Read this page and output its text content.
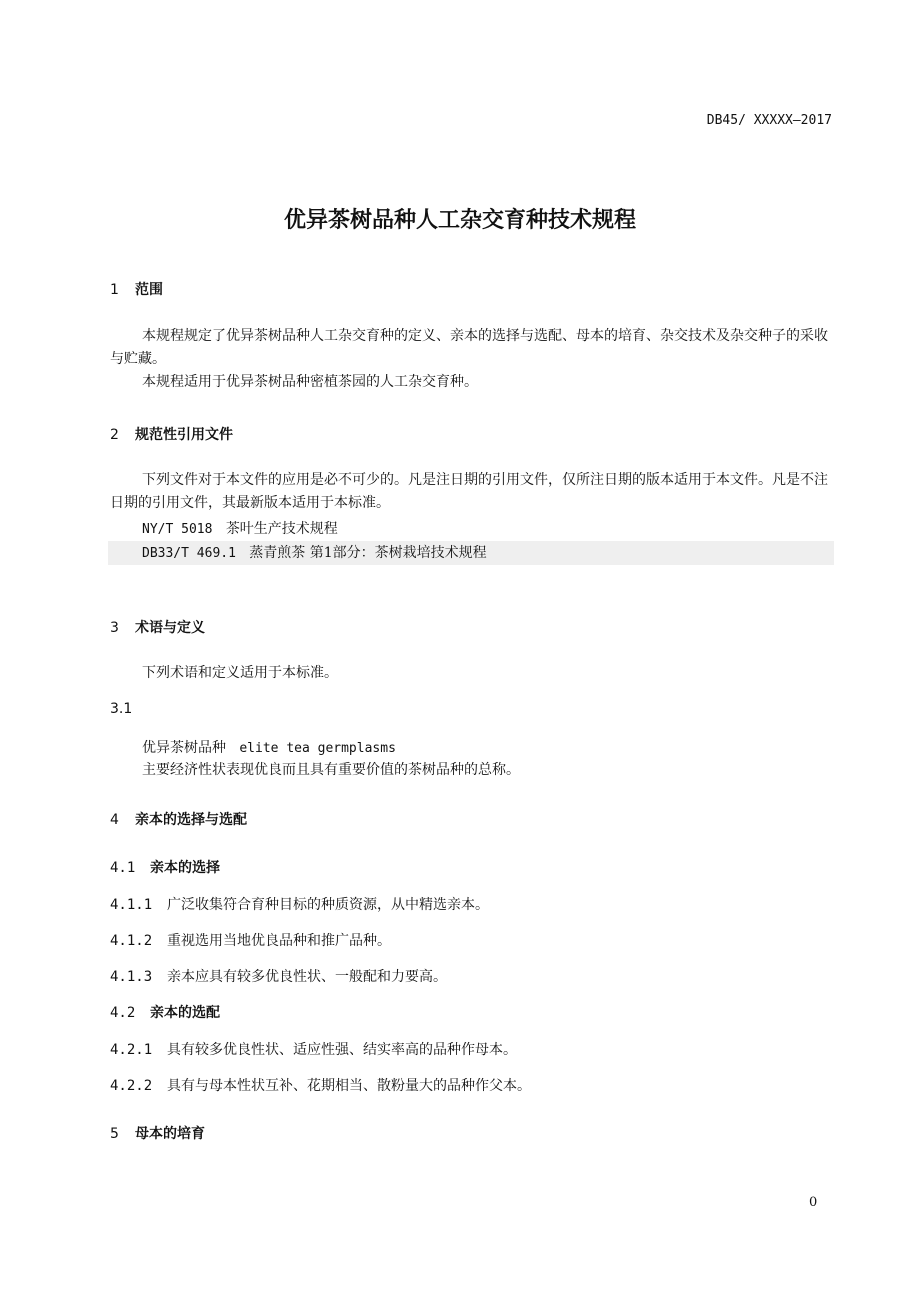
DB45/ XXXXX—2017
优异茶树品种人工杂交育种技术规程
1 范围
本规程规定了优异茶树品种人工杂交育种的定义、亲本的选择与选配、母本的培育、杂交技术及杂交种子的采收与贮藏。
本规程适用于优异茶树品种密植茶园的人工杂交育种。
2 规范性引用文件
下列文件对于本文件的应用是必不可少的。凡是注日期的引用文件，仅所注日期的版本适用于本文件。凡是不注日期的引用文件，其最新版本适用于本标准。
NY/T 5018 茶叶生产技术规程
DB33/T 469.1 蒸青煎茶 第1部分：茶树栽培技术规程
3 术语与定义
下列术语和定义适用于本标准。
3.1
优异茶树品种 elite tea germplasms
主要经济性状表现优良而且具有重要价值的茶树品种的总称。
4 亲本的选择与选配
4.1 亲本的选择
4.1.1 广泛收集符合育种目标的种质资源，从中精选亲本。
4.1.2 重视选用当地优良品种和推广品种。
4.1.3 亲本应具有较多优良性状、一般配和力要高。
4.2 亲本的选配
4.2.1 具有较多优良性状、适应性强、结实率高的品种作母本。
4.2.2 具有与母本性状互补、花期相当、散粉量大的品种作父本。
5 母本的培育
0
